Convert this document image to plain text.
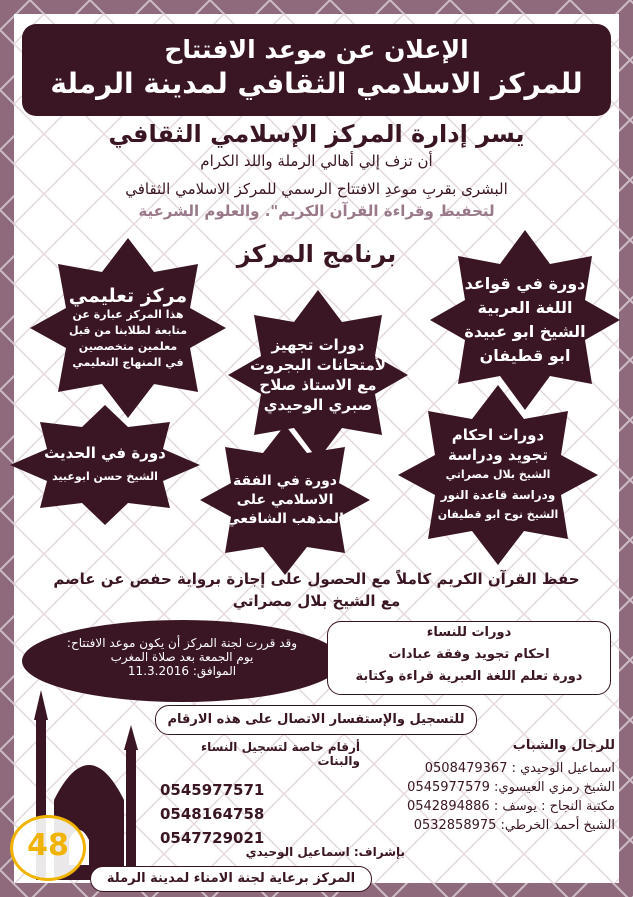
الإعلان عن موعد الافتتاح
للمركز الاسلامي الثقافي لمدينة الرملة
يسر إدارة المركز الإسلامي الثقافي
أن تزف إلي أهالي الرملة واللد الكرام
البشرى بقربِ موعدِ الافتتاح الرسمي للمركز الاسلامي الثقافي
لتحفيظ وقراءة القرآن الكريم". والعلوم الشرعية
برنامج المركز
مركز تعليمي
هذا المركز عبارة عن
متابعة لطلابنا من قبل
معلمين متخصصين
في المنهاج التعليمي
دورة في قواعد
اللغة العربية
الشيخ ابو عبيدة
ابو قطيفان
دورات تجهيز
لأمتحانات البجروت
مع الاستاذ صلاح
صبري الوحيدي
دورات احكام
تجويد ودراسة
الشيخ بلال مصراتي
ودراسة قاعدة النور
الشيخ نوح ابو قطيفان
دورة في الحديث
الشيخ حسن ابوعبيد	دورة في الفقة
الاسلامي على
المذهب الشافعي
حفظ القرآن الكريم كاملاً مع الحصول على إجازة برواية حفص عن عاصم
مع الشيخ بلال مصراتي
وقد قررت لجنة المركز أن يكون موعد الافتتاح:
يوم الجمعة بعد صلاة المغرب
الموافق: 11.3.2016
دورات للنساء
احكام تجويد وفقة عبادات
دورة تعلم اللغة العبرية قراءة وكتابة
للتسجيل والإستفسار الاتصال على هذه الارقام
48
أرقام خاصة لتسجيل النساء والبنات
0545977571
0548164758
0547729021
للرجال والشباب
اسماعيل الوحيدي : 0508479367
الشيخ رمزي العيسوي: 0545977579
مكتبة النجاح : يوسف : 0542894886
الشيخ أحمد الخرطي: 0532858975
بإشراف: اسماعيل الوحيدي
المركز برعاية لجنة الامناء لمدينة الرملة
